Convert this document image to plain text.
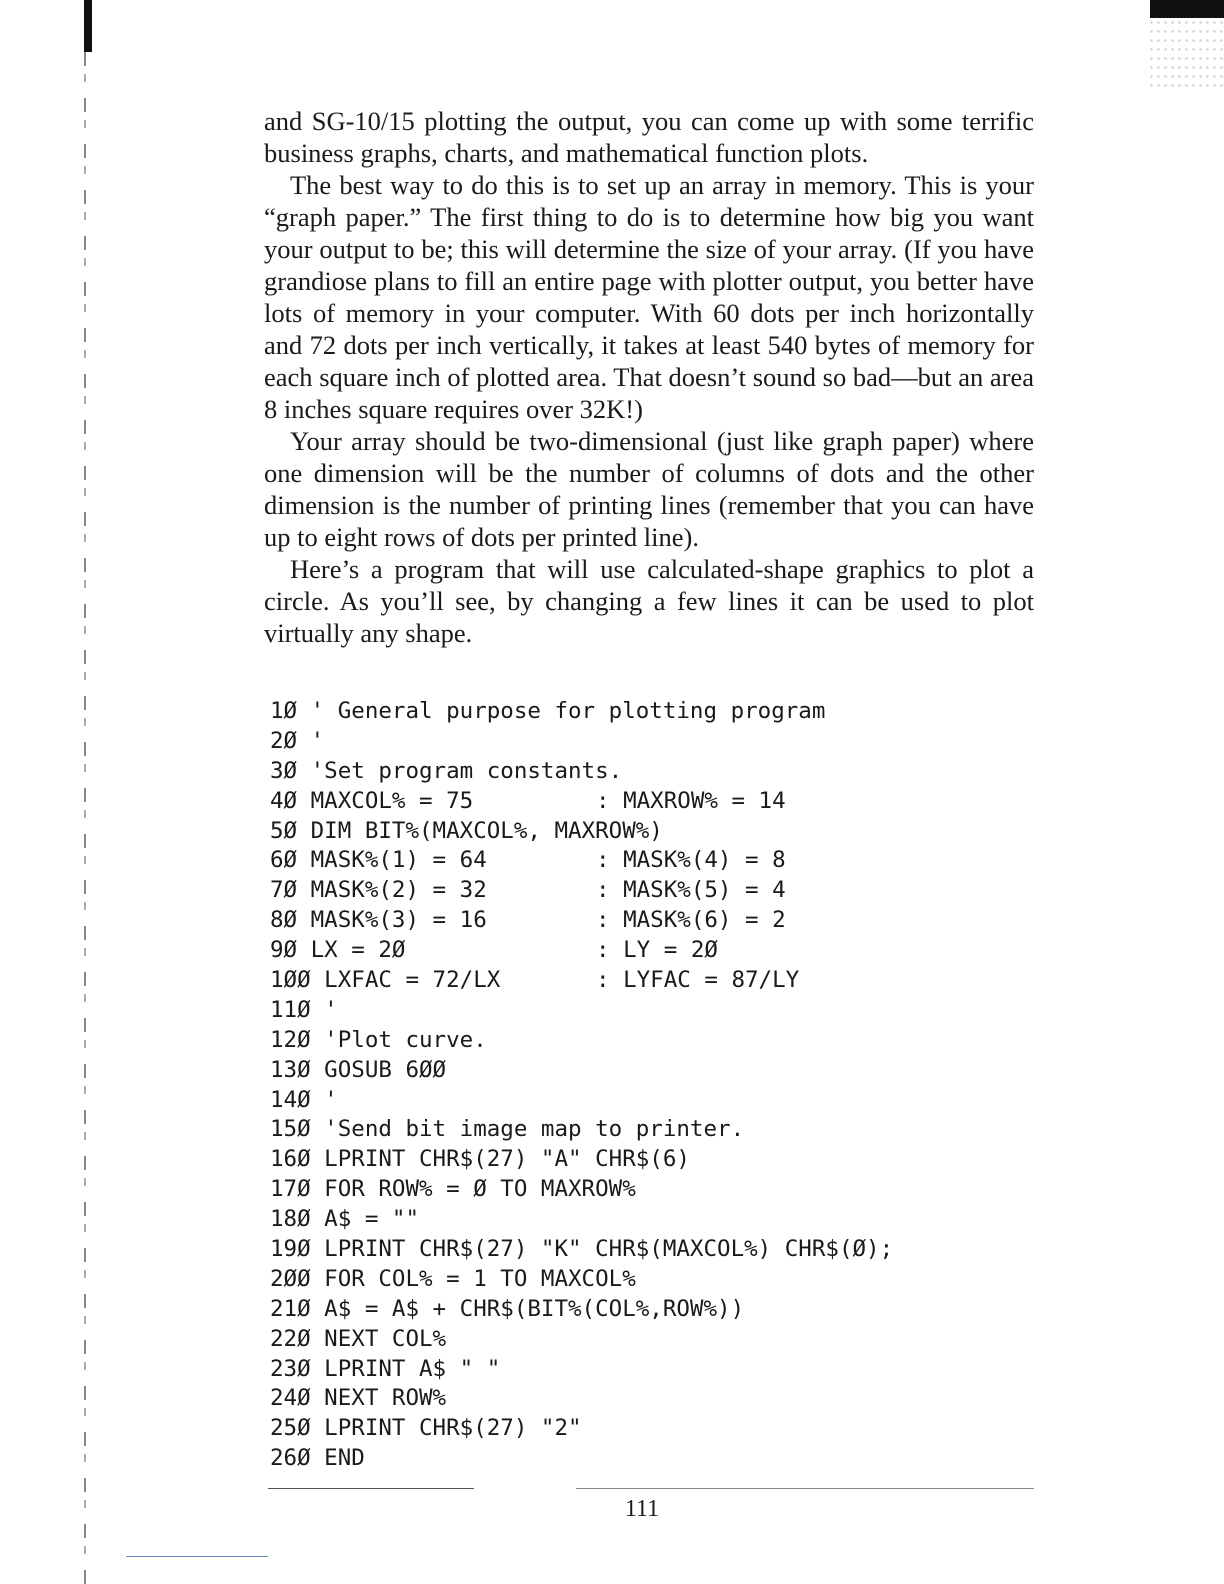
and SG-10/15 plotting the output, you can come up with some terrific business graphs, charts, and mathematical function plots.

The best way to do this is to set up an array in memory. This is your “graph paper.” The first thing to do is to determine how big you want your output to be; this will determine the size of your array. (If you have grandiose plans to fill an entire page with plotter output, you better have lots of memory in your computer. With 60 dots per inch horizontally and 72 dots per inch vertically, it takes at least 540 bytes of memory for each square inch of plotted area. That doesn’t sound so bad—but an area 8 inches square requires over 32K!)

Your array should be two-dimensional (just like graph paper) where one dimension will be the number of columns of dots and the other dimension is the number of printing lines (remember that you can have up to eight rows of dots per printed line).

Here’s a program that will use calculated-shape graphics to plot a circle. As you’ll see, by changing a few lines it can be used to plot virtually any shape.

1Ø ' General purpose for plotting program
2Ø '
3Ø 'Set program constants.
4Ø MAXCOL% = 75	: MAXROW% = 14
5Ø DIM BIT%(MAXCOL%, MAXROW%)
6Ø MASK%(1) = 64	: MASK%(4) = 8
7Ø MASK%(2) = 32	: MASK%(5) = 4
8Ø MASK%(3) = 16	: MASK%(6) = 2
9Ø LX = 2Ø	: LY = 2Ø
1ØØ LXFAC = 72/LX	: LYFAC = 87/LY
11Ø '
12Ø 'Plot curve.
13Ø GOSUB 6ØØ
14Ø '
15Ø 'Send bit image map to printer.
16Ø LPRINT CHR$(27) "A" CHR$(6)
17Ø FOR ROW% = Ø TO MAXROW%
18Ø A$ = ""
19Ø LPRINT CHR$(27) "K" CHR$(MAXCOL%) CHR$(Ø);
2ØØ FOR COL% = 1 TO MAXCOL%
21Ø A$ = A$ + CHR$(BIT%(COL%,ROW%))
22Ø NEXT COL%
23Ø LPRINT A$ " "
24Ø NEXT ROW%
25Ø LPRINT CHR$(27) "2"
26Ø END
111
